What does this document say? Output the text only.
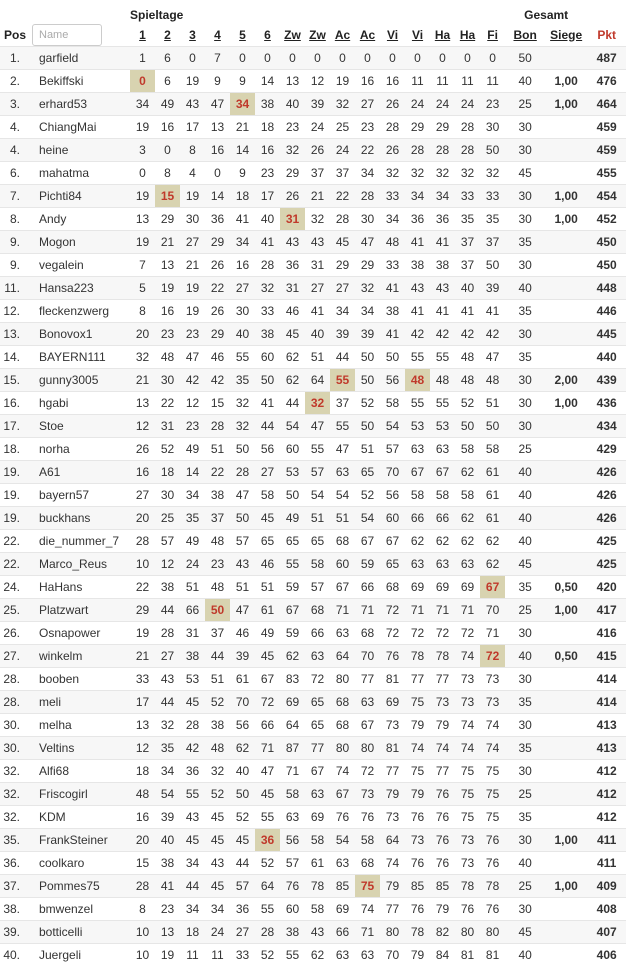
		Spieltage															Gesamt		
Pos	Name	1	2	3	4	5	6	Zw	Zw	Ac	Ac	Vi	Vi	Ha	Ha	Fi	Bon	Siege	Pkt
1.	garfield	1	6	0	7	0	0	0	0	0	0	0	0	0	0	0	50		487
2.	Bekiffski	0	6	19	9	9	14	13	12	19	16	16	11	11	11	11	40	1,00	476
3.	erhard53	34	49	43	47	34	38	40	39	32	27	26	24	24	24	23	25	1,00	464
4.	ChiangMai	19	16	17	13	21	18	23	24	25	23	28	29	29	28	30	30		459
4.	heine	3	0	8	16	14	16	32	26	24	22	26	28	28	28	50	30		459
6.	mahatma	0	8	4	0	9	23	29	37	37	34	32	32	32	32	32	45		455
7.	Pichti84	19	15	19	14	18	17	26	21	22	28	33	34	34	33	33	30	1,00	454
8.	Andy	13	29	30	36	41	40	31	32	28	30	34	36	36	35	35	30	1,00	452
9.	Mogon	19	21	27	29	34	41	43	43	45	47	48	41	41	37	37	35		450
9.	vegalein	7	13	21	26	16	28	36	31	29	29	33	38	38	37	50	30		450
11.	Hansa223	5	19	19	22	27	32	31	27	27	32	41	43	43	40	39	40		448
12.	fleckenzwerg	8	16	19	26	30	33	46	41	34	34	38	41	41	41	41	35		446
13.	Bonovox1	20	23	23	29	40	38	45	40	39	39	41	42	42	42	42	30		445
14.	BAYERN111	32	48	47	46	55	60	62	51	44	50	50	55	55	48	47	35		440
15.	gunny3005	21	30	42	42	35	50	62	64	55	50	56	48	48	48	48	30	2,00	439
16.	hgabi	13	22	12	15	32	41	44	32	37	52	58	55	55	52	51	30	1,00	436
17.	Stoe	12	31	23	28	32	44	54	47	55	50	54	53	53	50	50	30		434
18.	norha	26	52	49	51	50	56	60	55	47	51	57	63	63	58	58	25		429
19.	A61	16	18	14	22	28	27	53	57	63	65	70	67	67	62	61	40		426
19.	bayern57	27	30	34	38	47	58	50	54	54	52	56	58	58	58	61	40		426
19.	buckhans	20	25	35	37	50	45	49	51	51	54	60	66	66	62	61	40		426
22.	die_nummer_7	28	57	49	48	57	65	65	65	68	67	67	62	62	62	62	40		425
22.	Marco_Reus	10	12	24	23	43	46	55	58	60	59	65	63	63	63	62	45		425
24.	HaHans	22	38	51	48	51	51	59	57	67	66	68	69	69	69	67	35	0,50	420
25.	Platzwart	29	44	66	50	47	61	67	68	71	71	72	71	71	71	70	25	1,00	417
26.	Osnapower	19	28	31	37	46	49	59	66	63	68	72	72	72	72	71	30		416
27.	winkelm	21	27	38	44	39	45	62	63	64	70	76	78	78	74	72	40	0,50	415
28.	booben	33	43	53	51	61	67	83	72	80	77	81	77	77	73	73	30		414
28.	meli	17	44	45	52	70	72	69	65	68	63	69	75	73	73	73	35		414
30.	melha	13	32	28	38	56	66	64	65	68	67	73	79	79	74	74	30		413
30.	Veltins	12	35	42	48	62	71	87	77	80	80	81	74	74	74	74	35		413
32.	Alfi68	18	34	36	32	40	47	71	67	74	72	77	75	77	75	75	30		412
32.	Friscogirl	48	54	55	52	50	45	58	63	67	73	79	79	76	75	75	25		412
32.	KDM	16	39	43	45	52	55	63	69	76	76	73	76	76	75	75	35		412
35.	FrankSteiner	20	40	45	45	45	36	56	58	54	58	64	73	76	73	76	30	1,00	411
36.	coolkaro	15	38	34	43	44	52	57	61	63	68	74	76	76	73	76	40		411
37.	Pommes75	28	41	44	45	57	64	76	78	85	75	79	85	85	78	78	25	1,00	409
38.	bmwenzel	8	23	34	34	36	55	60	58	69	74	77	76	79	76	76	30		408
39.	botticelli	10	13	18	24	27	28	38	43	66	71	80	78	82	80	80	45		407
40.	Juergeli	10	19	11	11	33	52	55	62	63	63	70	79	84	81	81	40		406
